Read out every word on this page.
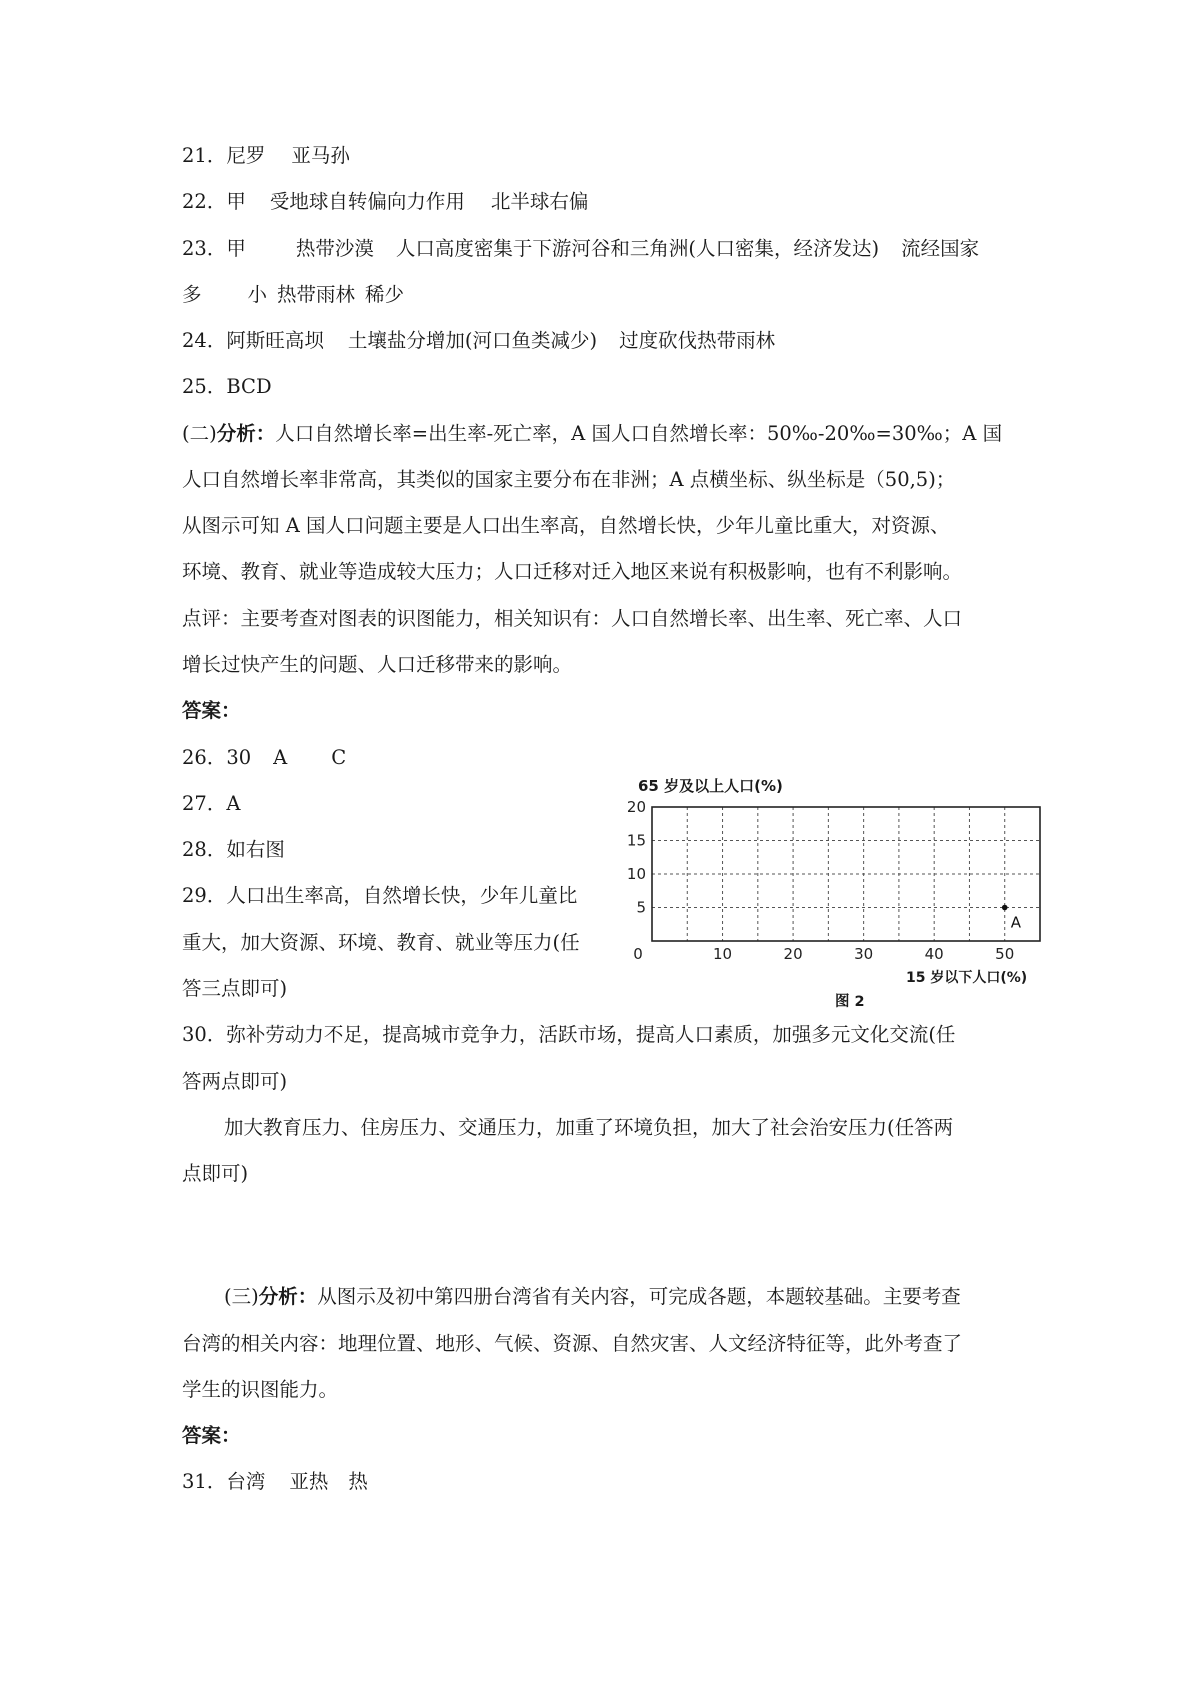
21．尼罗 亚马孙
22．甲 受地球自转偏向力作用 北半球右偏
23．甲	热带沙漠 人口高度密集于下游河谷和三角洲(人口密集，经济发达) 流经国家
多 小 热带雨林 稀少
24．阿斯旺高坝 土壤盐分增加(河口鱼类减少) 过度砍伐热带雨林
25．BCD
(二)分析：人口自然增长率=出生率-死亡率，A 国人口自然增长率：50‰-20‰=30‰；A 国
人口自然增长率非常高，其类似的国家主要分布在非洲；A 点横坐标、纵坐标是（50,5)；
从图示可知 A 国人口问题主要是人口出生率高，自然增长快，少年儿童比重大，对资源、
环境、教育、就业等造成较大压力；人口迁移对迁入地区来说有积极影响，也有不利影响。
点评：主要考查对图表的识图能力，相关知识有：人口自然增长率、出生率、死亡率、人口
增长过快产生的问题、人口迁移带来的影响。
答案：
26．30 A C
27．A
28．如右图
29．人口出生率高，自然增长快，少年儿童比
重大，加大资源、环境、教育、就业等压力(任
答三点即可)
65 岁及以上人口(%)
5
10
15
20
0	10	20	30	40	50
A
15 岁以下人口(%)
图 2
30．弥补劳动力不足，提高城市竞争力，活跃市场，提高人口素质，加强多元文化交流(任
答两点即可)
加大教育压力、住房压力、交通压力，加重了环境负担，加大了社会治安压力(任答两
点即可)
(三)分析：从图示及初中第四册台湾省有关内容，可完成各题，本题较基础。主要考查
台湾的相关内容：地理位置、地形、气候、资源、自然灾害、人文经济特征等，此外考查了
学生的识图能力。
答案：
31．台湾 亚热 热
